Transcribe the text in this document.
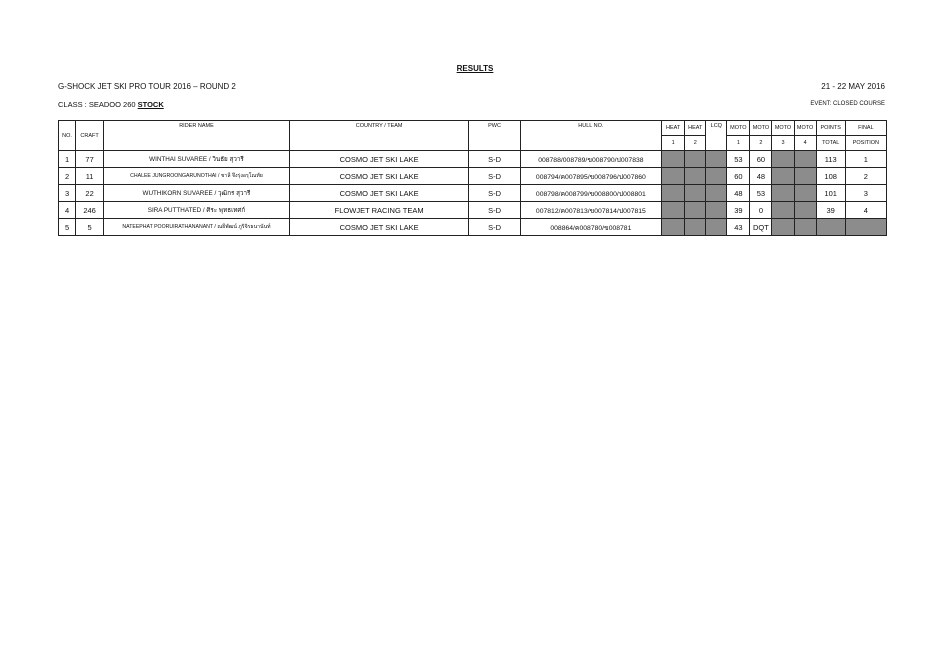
RESULTS
G-SHOCK JET SKI PRO TOUR 2016 – ROUND 2	21 - 22 MAY 2016
CLASS : SEADOO 260 STOCK	EVENT: CLOSED COURSE
NO.	CRAFT	RIDER NAME	COUNTRY / TEAM	PWC	HULL NO.	HEAT	HEAT	LCQ	MOTO	MOTO	MOTO	MOTO	POINTS	FINAL
						1	2		1	2	3	4	TOTAL	POSITION
1	77	WINTHAI SUVAREE / วินธัย สุวารี	COSMO JET SKI LAKE	S-D	008788/008789/ข008790/ป007838				53	60			113	1
2	11	CHALEE JUNGROONGARUNOTHAI / ชาลี จึงรุ่งอรุโณทัย	COSMO JET SKI LAKE	S-D	008794/ค007895/ข008796/ป007860				60	48			108	2
3	22	WUTHIKORN SUVAREE / วุฒิกร สุวารี	COSMO JET SKI LAKE	S-D	008798/ค008799/ข008800/ป008801				48	53			101	3
4	246	SIRA PUTTHATED / ศิระ พุทธเทศก์	FLOWJET RACING TEAM	S-D	007812/ค007813/ข007814/ป007815				39	0			39	4
5	5	NATEEPHAT POORUIRATHANANANT / ณธีพัฒน์ ภูริจิรธนานันท์	COSMO JET SKI LAKE	S-D	008864/ค008780/ข008781				43	DQT				
